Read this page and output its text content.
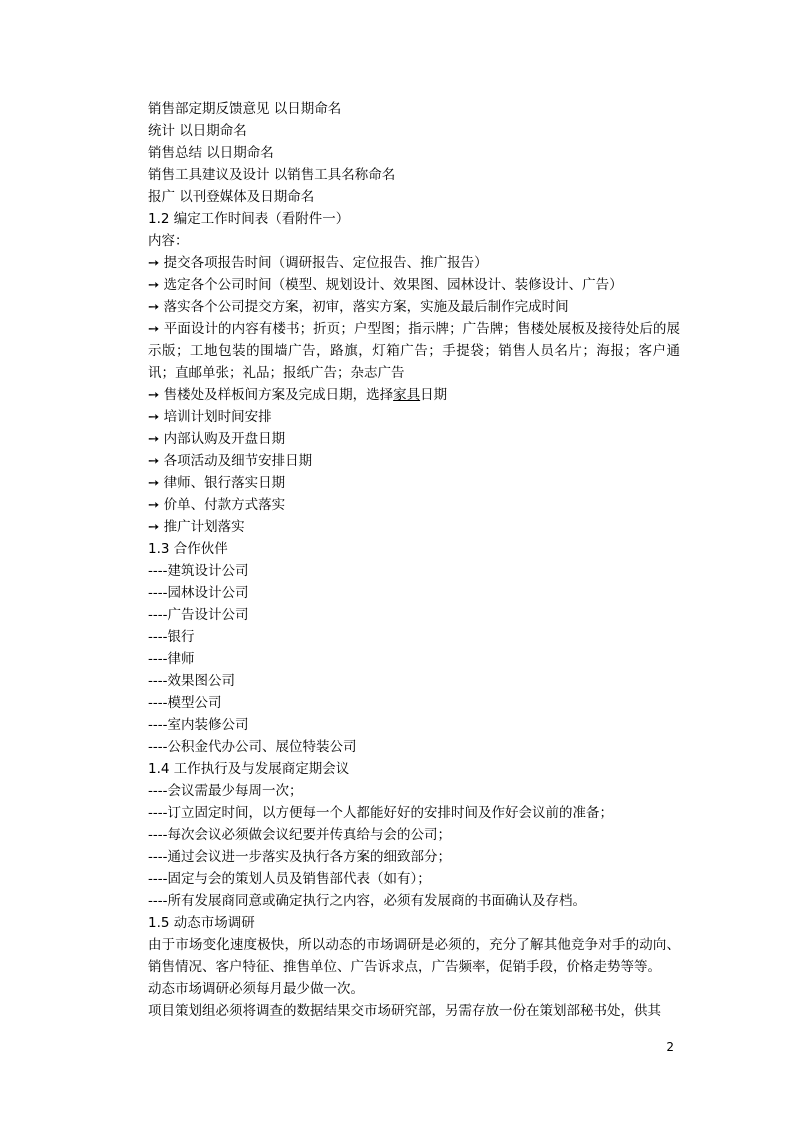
销售部定期反馈意见 以日期命名
统计 以日期命名
销售总结 以日期命名
销售工具建议及设计 以销售工具名称命名
报广 以刊登媒体及日期命名
1.2 编定工作时间表（看附件一）
内容：
➙ 提交各项报告时间（调研报告、定位报告、推广报告）
➙ 选定各个公司时间（模型、规划设计、效果图、园林设计、装修设计、广告）
➙ 落实各个公司提交方案，初审，落实方案，实施及最后制作完成时间
➙ 平面设计的内容有楼书；折页；户型图；指示牌；广告牌；售楼处展板及接待处后的展示版；工地包装的围墙广告，路旗，灯箱广告；手提袋；销售人员名片；海报；客户通讯；直邮单张；礼品；报纸广告；杂志广告
➙ 售楼处及样板间方案及完成日期，选择家具日期
➙ 培训计划时间安排
➙ 内部认购及开盘日期
➙ 各项活动及细节安排日期
➙ 律师、银行落实日期
➙ 价单、付款方式落实
➙ 推广计划落实
1.3 合作伙伴
----建筑设计公司
----园林设计公司
----广告设计公司
----银行
----律师
----效果图公司
----模型公司
----室内装修公司
----公积金代办公司、展位特装公司
1.4 工作执行及与发展商定期会议
----会议需最少每周一次；
----订立固定时间，以方便每一个人都能好好的安排时间及作好会议前的准备；
----每次会议必须做会议纪要并传真给与会的公司；
----通过会议进一步落实及执行各方案的细致部分；
----固定与会的策划人员及销售部代表（如有）；
----所有发展商同意或确定执行之内容，必须有发展商的书面确认及存档。
1.5 动态市场调研
由于市场变化速度极快，所以动态的市场调研是必须的，充分了解其他竞争对手的动向、销售情况、客户特征、推售单位、广告诉求点，广告频率，促销手段，价格走势等等。
动态市场调研必须每月最少做一次。
项目策划组必须将调查的数据结果交市场研究部，另需存放一份在策划部秘书处，供其
2
